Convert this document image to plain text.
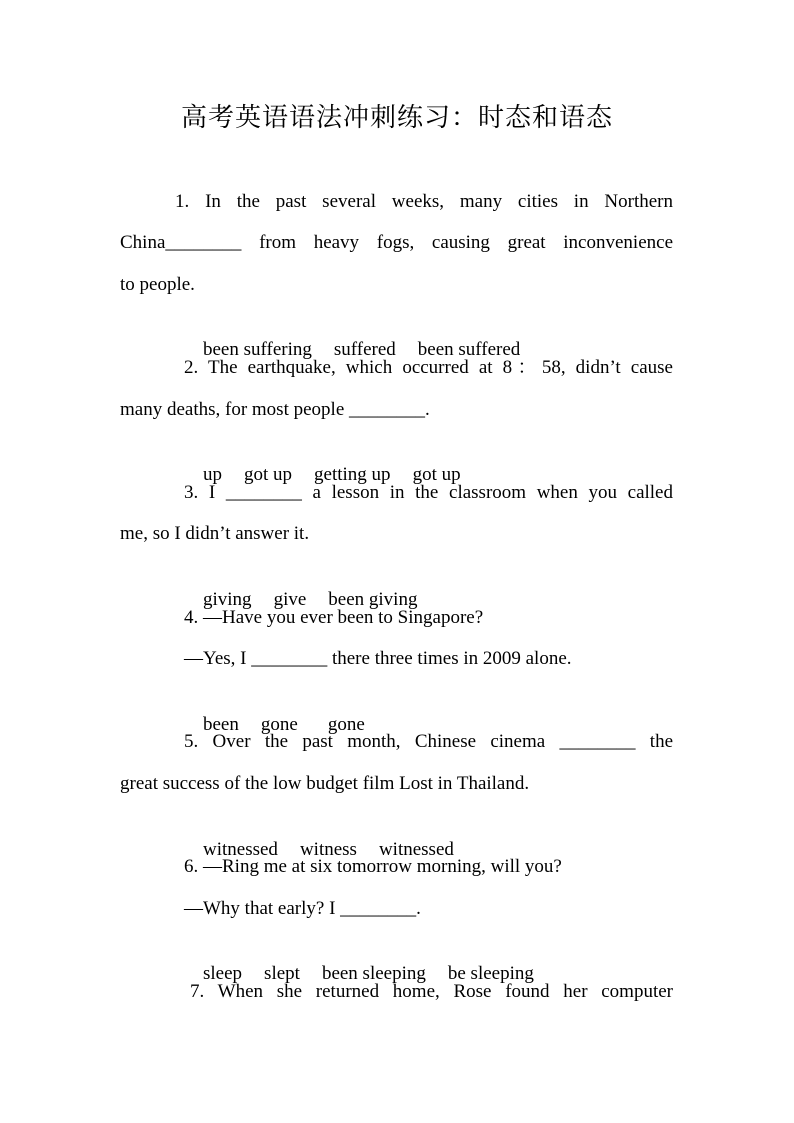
高考英语语法冲刺练习：时态和语态
1. In the past several weeks, many cities in Northern
China________ from heavy fogs, causing great inconvenience
to people.

been suffering suffered been suffered

2. The earthquake, which occurred at 8：58, didn’t cause
many deaths, for most people ________.

up got up getting up got up

3. I ________ a lesson in the classroom when you called
me, so I didn’t answer it.

giving give been giving

4. —Have you ever been to Singapore?
—Yes, I ________ there three times in 2009 alone.

been gone gone

5. Over the past month, Chinese cinema ________ the
great success of the low budget film Lost in Thailand.

witnessed witness witnessed

6. —Ring me at six tomorrow morning, will you?
—Why that early? I ________.

sleep slept been sleeping be sleeping

7. When she returned home, Rose found her computer
